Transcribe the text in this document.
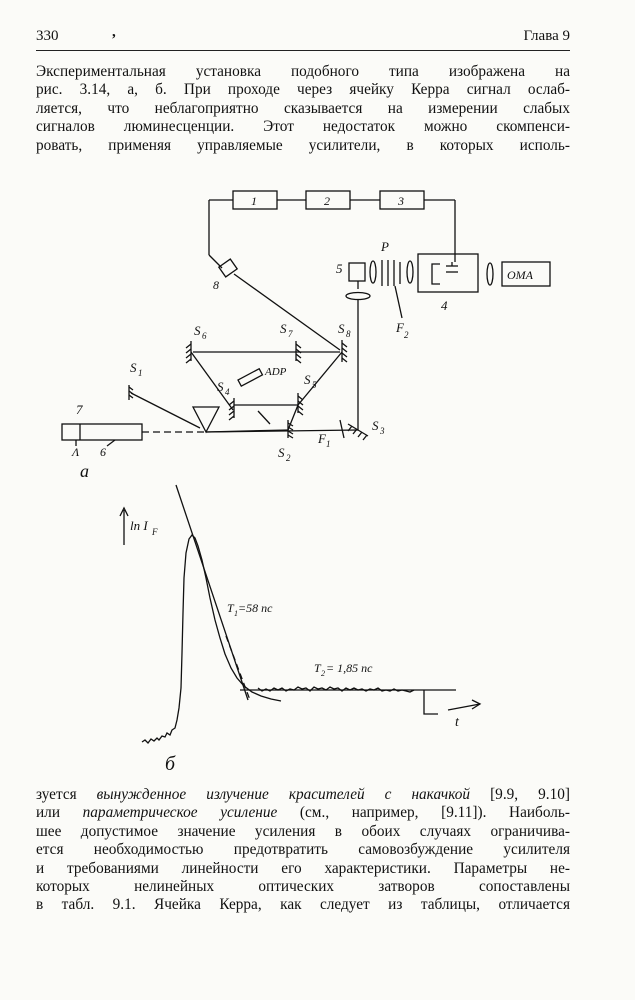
330	,	Глава 9
Экспериментальная установка подобного типа изображена на
рис. 3.14, а, б. При проходе через ячейку Керра сигнал ослаб-
ляется, что неблагоприятно сказывается на измерении слабых
сигналов люминесценции. Этот недостаток можно скомпенси-
ровать, применяя управляемые усилители, в которых исполь-
1	2	3
P
5	OMA
4
8
F 2
S 6	S 7	S 8
S 1	ADP
S 4
S 5
7
Λ 6
F 1
S 3
S 2
а
ln I F
T 1 =58 пс
T 2 = 1,85 пс
t
б
зуется вынужденное излучение красителей с накачкой [9.9, 9.10]
или параметрическое усиление (см., например, [9.11]). Наиболь-
шее допустимое значение усиления в обоих случаях ограничива-
ется необходимостью предотвратить самовозбуждение усилителя
и требованиями линейности его характеристики. Параметры не-
которых нелинейных оптических затворов сопоставлены
в табл. 9.1. Ячейка Керра, как следует из таблицы, отличается
